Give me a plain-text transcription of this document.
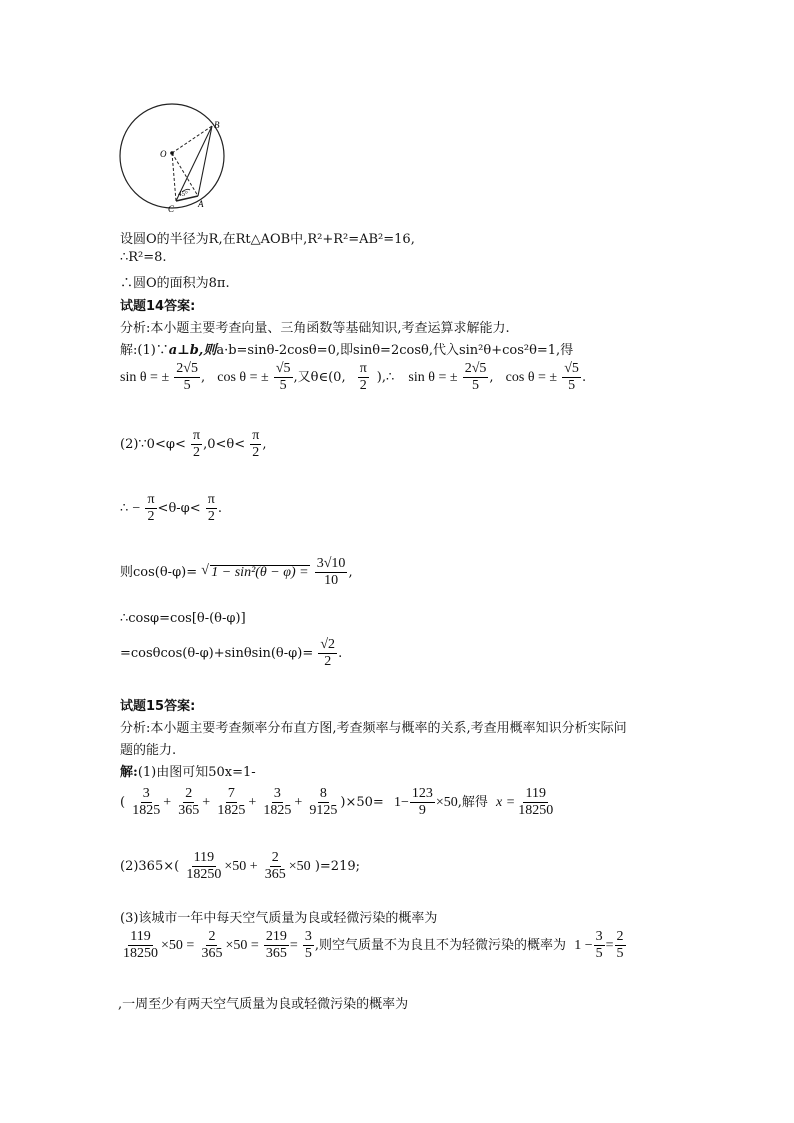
O
B
C	A
45°
设圆O的半径为R,在Rt△AOB中,R²+R²=AB²=16,
∴R²=8.
∴圆O的面积为8π.
试题14答案:
分析:本小题主要考查向量、三角函数等基础知识,考查运算求解能力.
解:(1)∵a⊥b,则a·b=sinθ-2cosθ=0,即sinθ=2cosθ,代入sin²θ+cos²θ=1,得
sin θ = ± $\frac{2√5}{5}$ , cos θ = ± $\frac{√5}{5}$ ,又θ∈(0, $\frac{\pi}{2}$ ),∴ sin θ = ± $\frac{2√5}{5}$ , cos θ = ± $\frac{√5}{5}$ .
(2)∵0<φ< $\frac{\pi}{2} ,0<\theta< \frac{\pi}{2}$ ,
∴ − $\frac{\pi}{2} <\theta-\varphi< \frac{\pi}{2}$ .
则cos(θ-φ)= √ $1 - \sin^2(\theta - \varphi) = \frac{3√10}{10}$ ,
∴cosφ=cos[θ-(θ-φ)]
$=\cos\theta\cos(\theta-\varphi)+\sin\theta\sin(\theta-\varphi)= \frac{√2}{2}$ .
试题15答案:
分析:本小题主要考查频率分布直方图,考查频率与概率的关系,考查用概率知识分析实际问
题的能力.
解:(1)由图可知50x=1-
( $\frac{3}{1825} + \frac{2}{365} + \frac{7}{1825} + \frac{3}{1825} + \frac{8}{9125} )\times 50= 1- \frac{123}{9} \times 50$,解得 $x = \frac{119}{18250}$
$(2)365\times( \frac{119}{18250} \times 50 + \frac{2}{365} \times 50$ )=219;
(3)该城市一年中每天空气质量为良或轻微污染的概率为
$\frac{119}{18250} \times 50 = \frac{2}{365} \times 50 = \frac{219}{365} = \frac{3}{5}$ ,则空气质量不为良且不为轻微污染的概率为 $1 - \frac{3}{5} = \frac{2}{5}$
,一周至少有两天空气质量为良或轻微污染的概率为
